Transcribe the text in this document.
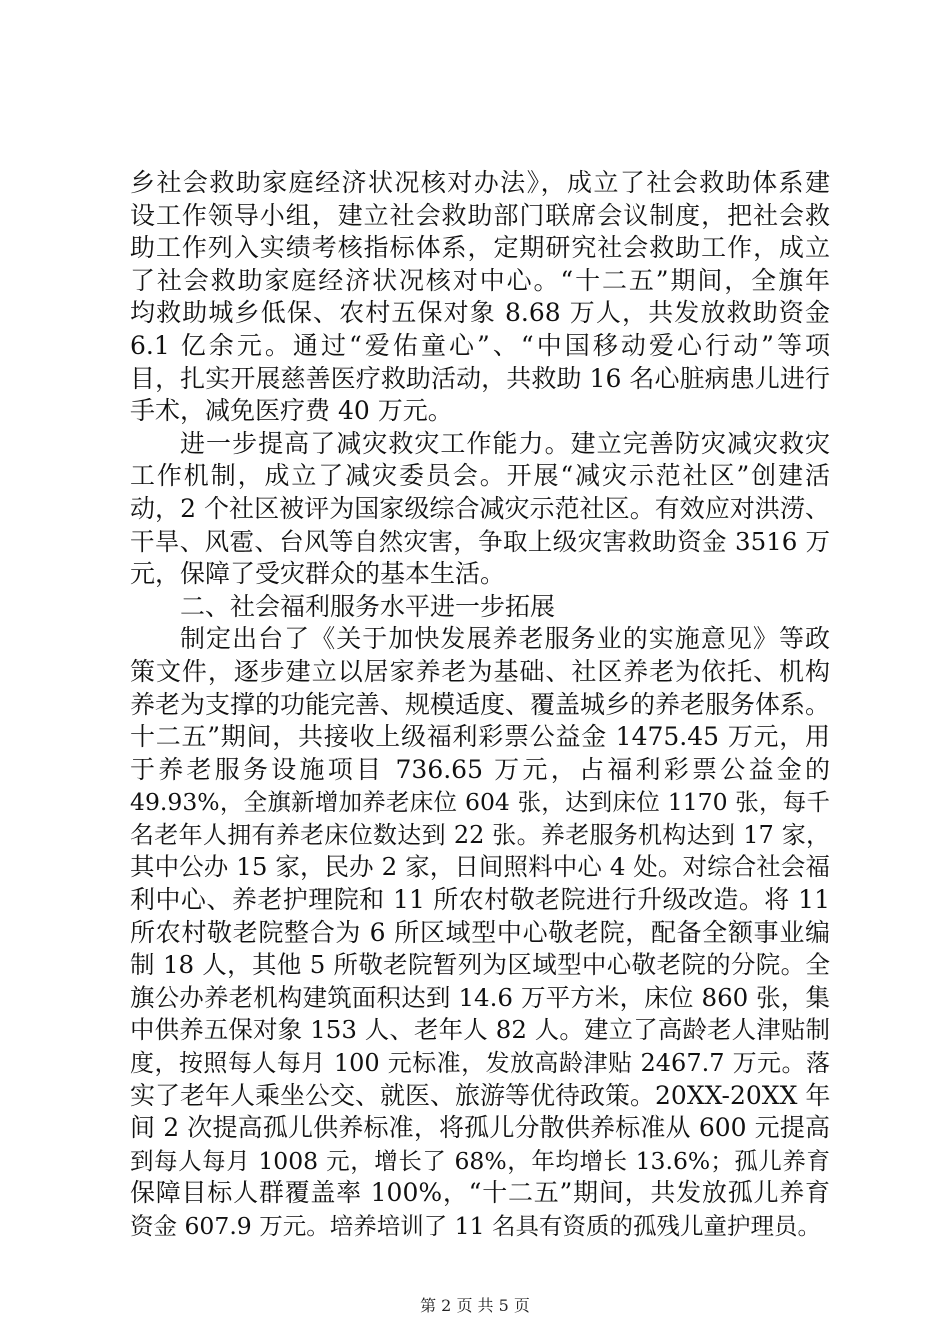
乡社会救助家庭经济状况核对办法》，成立了社会救助体系建
设工作领导小组，建立社会救助部门联席会议制度，把社会救
助工作列入实绩考核指标体系，定期研究社会救助工作，成立
了社会救助家庭经济状况核对中心。“十二五”期间，全旗年
均救助城乡低保、农村五保对象 8.68 万人，共发放救助资金
6.1 亿余元。通过“爱佑童心”、“中国移动爱心行动”等项
目，扎实开展慈善医疗救助活动，共救助 16 名心脏病患儿进行
手术，减免医疗费 40 万元。
进一步提高了减灾救灾工作能力。建立完善防灾减灾救灾
工作机制，成立了减灾委员会。开展“减灾示范社区”创建活
动，2 个社区被评为国家级综合减灾示范社区。有效应对洪涝、
干旱、风雹、台风等自然灾害，争取上级灾害救助资金 3516 万
元，保障了受灾群众的基本生活。
二、社会福利服务水平进一步拓展
制定出台了《关于加快发展养老服务业的实施意见》等政
策文件，逐步建立以居家养老为基础、社区养老为依托、机构
养老为支撑的功能完善、规模适度、覆盖城乡的养老服务体系。
十二五”期间，共接收上级福利彩票公益金 1475.45 万元，用
于养老服务设施项目 736.65 万元，占福利彩票公益金的
49.93%，全旗新增加养老床位 604 张，达到床位 1170 张，每千
名老年人拥有养老床位数达到 22 张。养老服务机构达到 17 家，
其中公办 15 家，民办 2 家，日间照料中心 4 处。对综合社会福
利中心、养老护理院和 11 所农村敬老院进行升级改造。将 11
所农村敬老院整合为 6 所区域型中心敬老院，配备全额事业编
制 18 人，其他 5 所敬老院暂列为区域型中心敬老院的分院。全
旗公办养老机构建筑面积达到 14.6 万平方米，床位 860 张，集
中供养五保对象 153 人、老年人 82 人。建立了高龄老人津贴制
度，按照每人每月 100 元标准，发放高龄津贴 2467.7 万元。落
实了老年人乘坐公交、就医、旅游等优待政策。20XX-20XX 年
间 2 次提高孤儿供养标准，将孤儿分散供养标准从 600 元提高
到每人每月 1008 元，增长了 68%，年均增长 13.6%；孤儿养育
保障目标人群覆盖率 100%，“十二五”期间，共发放孤儿养育
资金 607.9 万元。培养培训了 11 名具有资质的孤残儿童护理员。
第 2 页 共 5 页
